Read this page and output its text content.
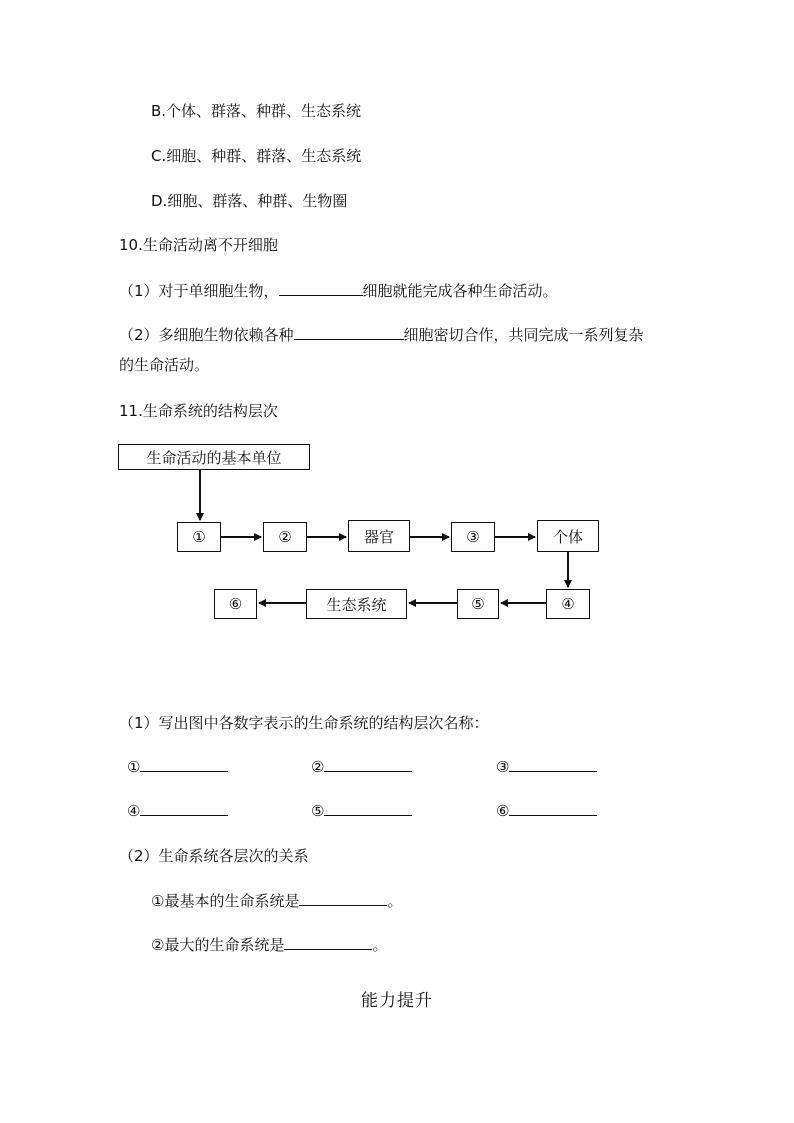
B.个体、群落、种群、生态系统
C.细胞、种群、群落、生态系统
D.细胞、群落、种群、生物圈
10.生命活动离不开细胞
（1）对于单细胞生物，	细胞就能完成各种生命活动。
（2）多细胞生物依赖各种	细胞密切合作，共同完成一系列复杂
的生命活动。
11.生命系统的结构层次
生命活动的基本单位
①	②	器官	③	个体
④
⑤
生态系统
⑥
（1）写出图中各数字表示的生命系统的结构层次名称：
①	②	③
④	⑤	⑥
（2）生命系统各层次的关系
①最基本的生命系统是	。
②最大的生命系统是	。
能力提升
